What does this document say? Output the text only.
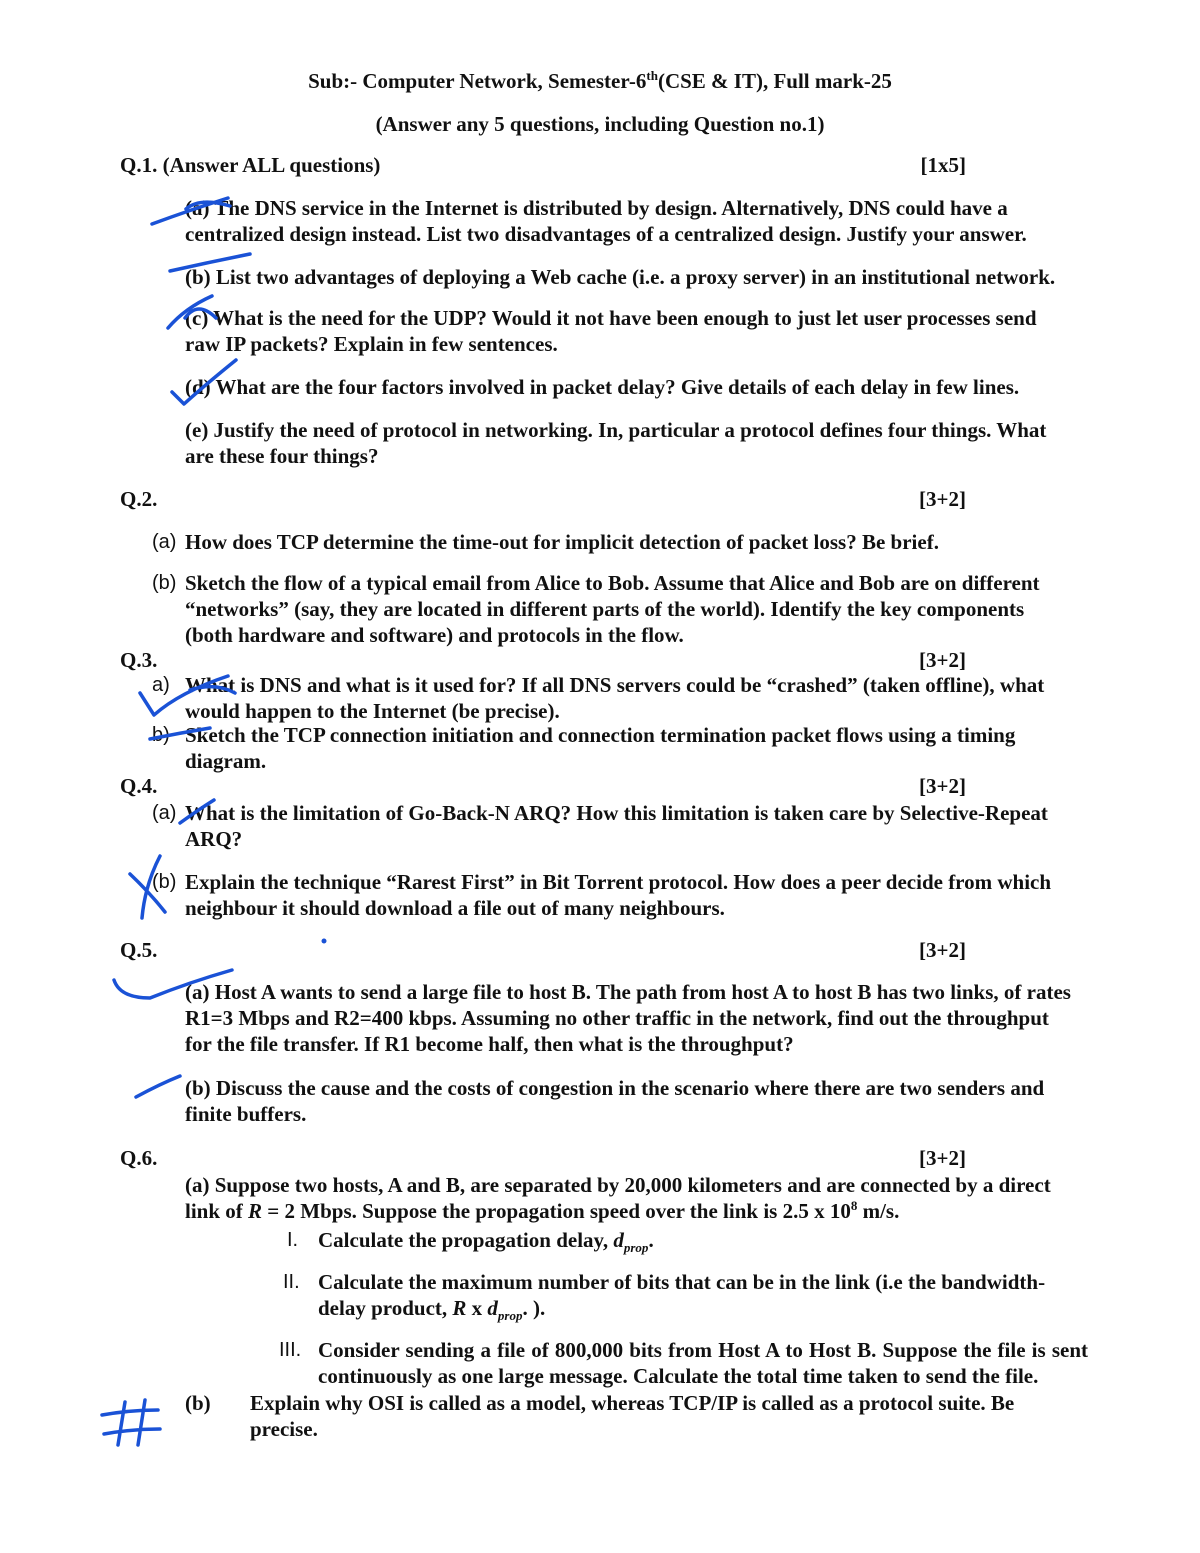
Sub:- Computer Network, Semester-6th(CSE & IT), Full mark-25
(Answer any 5 questions, including Question no.1)
Q.1. (Answer ALL questions)	[1x5]
(a) The DNS service in the Internet is distributed by design. Alternatively, DNS could have a centralized design instead. List two disadvantages of a centralized design. Justify your answer.
(b) List two advantages of deploying a Web cache (i.e. a proxy server) in an institutional network.
(c) What is the need for the UDP? Would it not have been enough to just let user processes send raw IP packets? Explain in few sentences.
(d) What are the four factors involved in packet delay? Give details of each delay in few lines.
(e) Justify the need of protocol in networking. In, particular a protocol defines four things. What are these four things?
Q.2.	[3+2]
(a) How does TCP determine the time-out for implicit detection of packet loss? Be brief.
(b) Sketch the flow of a typical email from Alice to Bob. Assume that Alice and Bob are on different “networks” (say, they are located in different parts of the world). Identify the key components (both hardware and software) and protocols in the flow.
Q.3.	[3+2]
a) What is DNS and what is it used for? If all DNS servers could be “crashed” (taken offline), what would happen to the Internet (be precise).
b) Sketch the TCP connection initiation and connection termination packet flows using a timing diagram.
Q.4.	[3+2]
(a) What is the limitation of Go-Back-N ARQ? How this limitation is taken care by Selective-Repeat ARQ?
(b) Explain the technique “Rarest First” in Bit Torrent protocol. How does a peer decide from which neighbour it should download a file out of many neighbours.
Q.5.	[3+2]
(a) Host A wants to send a large file to host B. The path from host A to host B has two links, of rates R1=3 Mbps and R2=400 kbps. Assuming no other traffic in the network, find out the throughput for the file transfer. If R1 become half, then what is the throughput?
(b) Discuss the cause and the costs of congestion in the scenario where there are two senders and finite buffers.
Q.6.	[3+2]
(a) Suppose two hosts, A and B, are separated by 20,000 kilometers and are connected by a direct link of R = 2 Mbps. Suppose the propagation speed over the link is 2.5 x $10^8$ m/s.
I. Calculate the propagation delay, $d_{prop}$.
II. Calculate the maximum number of bits that can be in the link (i.e the bandwidth-delay product, R x $d_{prop}$. ).
III. Consider sending a file of 800,000 bits from Host A to Host B. Suppose the file is sent continuously as one large message. Calculate the total time taken to send the file.
(b) Explain why OSI is called as a model, whereas TCP/IP is called as a protocol suite. Be precise.
